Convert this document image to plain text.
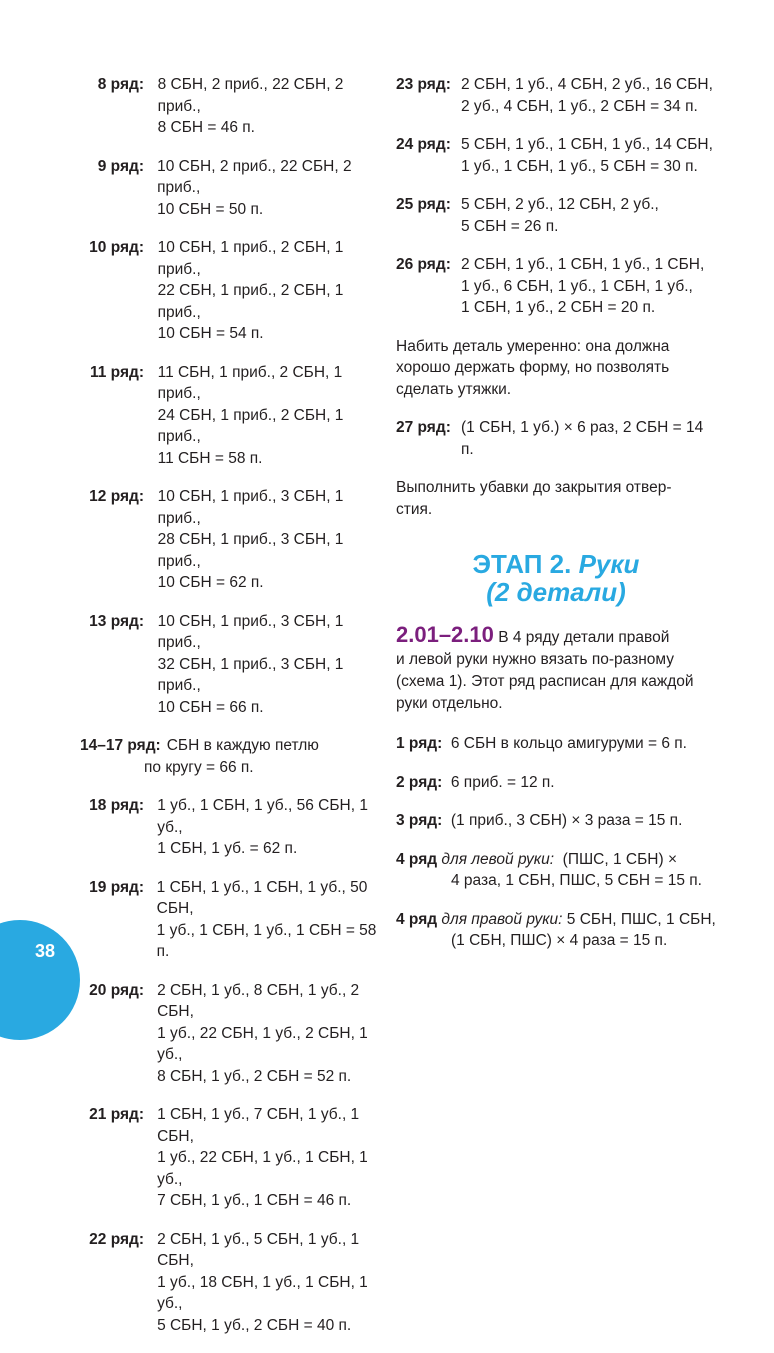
8 ряд: 8 СБН, 2 приб., 22 СБН, 2 приб.,

8 СБН = 46 п.

9 ряд: 10 СБН, 2 приб., 22 СБН, 2 приб.,

10 СБН = 50 п.

10 ряд: 10 СБН, 1 приб., 2 СБН, 1 приб.,

22 СБН, 1 приб., 2 СБН, 1 приб.,

10 СБН = 54 п.

11 ряд: 11 СБН, 1 приб., 2 СБН, 1 приб.,

24 СБН, 1 приб., 2 СБН, 1 приб.,

11 СБН = 58 п.

12 ряд: 10 СБН, 1 приб., 3 СБН, 1 приб.,

28 СБН, 1 приб., 3 СБН, 1 приб.,

10 СБН = 62 п.

13 ряд: 10 СБН, 1 приб., 3 СБН, 1 приб.,

32 СБН, 1 приб., 3 СБН, 1 приб.,

10 СБН = 66 п.

14–17 ряд: СБН в каждую петлю
по кругу = 66 п.
18 ряд: 1 уб., 1 СБН, 1 уб., 56 СБН, 1 уб.,

1 СБН, 1 уб. = 62 п.

19 ряд: 1 СБН, 1 уб., 1 СБН, 1 уб., 50 СБН,

1 уб., 1 СБН, 1 уб., 1 СБН = 58 п.

20 ряд: 2 СБН, 1 уб., 8 СБН, 1 уб., 2 СБН,

1 уб., 22 СБН, 1 уб., 2 СБН, 1 уб.,

8 СБН, 1 уб., 2 СБН = 52 п.

21 ряд: 1 СБН, 1 уб., 7 СБН, 1 уб., 1 СБН,

1 уб., 22 СБН, 1 уб., 1 СБН, 1 уб.,

7 СБН, 1 уб., 1 СБН = 46 п.

22 ряд: 2 СБН, 1 уб., 5 СБН, 1 уб., 1 СБН,

1 уб., 18 СБН, 1 уб., 1 СБН, 1 уб.,

5 СБН, 1 уб., 2 СБН = 40 п.

23 ряд: 2 СБН, 1 уб., 4 СБН, 2 уб., 16 СБН,

2 уб., 4 СБН, 1 уб., 2 СБН = 34 п.

24 ряд: 5 СБН, 1 уб., 1 СБН, 1 уб., 14 СБН,

1 уб., 1 СБН, 1 уб., 5 СБН = 30 п.

25 ряд: 5 СБН, 2 уб., 12 СБН, 2 уб.,

5 СБН = 26 п.

26 ряд: 2 СБН, 1 уб., 1 СБН, 1 уб., 1 СБН,

1 уб., 6 СБН, 1 уб., 1 СБН, 1 уб.,

1 СБН, 1 уб., 2 СБН = 20 п.

Набить деталь умеренно: она должна
хорошо держать форму, но позволять
сделать утяжки.
27 ряд: (1 СБН, 1 уб.) × 6 раз, 2 СБН = 14 п.

Выполнить убавки до закрытия отвер-
стия.
ЭТАП 2. Руки
(2 детали)
2.01–2.10 В 4 ряду детали правой
и левой руки нужно вязать по-разному
(схема 1). Этот ряд расписан для каждой
руки отдельно.
1 ряд: 6 СБН в кольцо амигуруми = 6 п.
2 ряд: 6 приб. = 12 п.
3 ряд: (1 приб., 3 СБН) × 3 раза = 15 п.
4 ряд для левой руки: (ПШС, 1 СБН) ×
4 раза, 1 СБН, ПШС, 5 СБН = 15 п.
4 ряд для правой руки: 5 СБН, ПШС, 1 СБН,
(1 СБН, ПШС) × 4 раза = 15 п.
38
